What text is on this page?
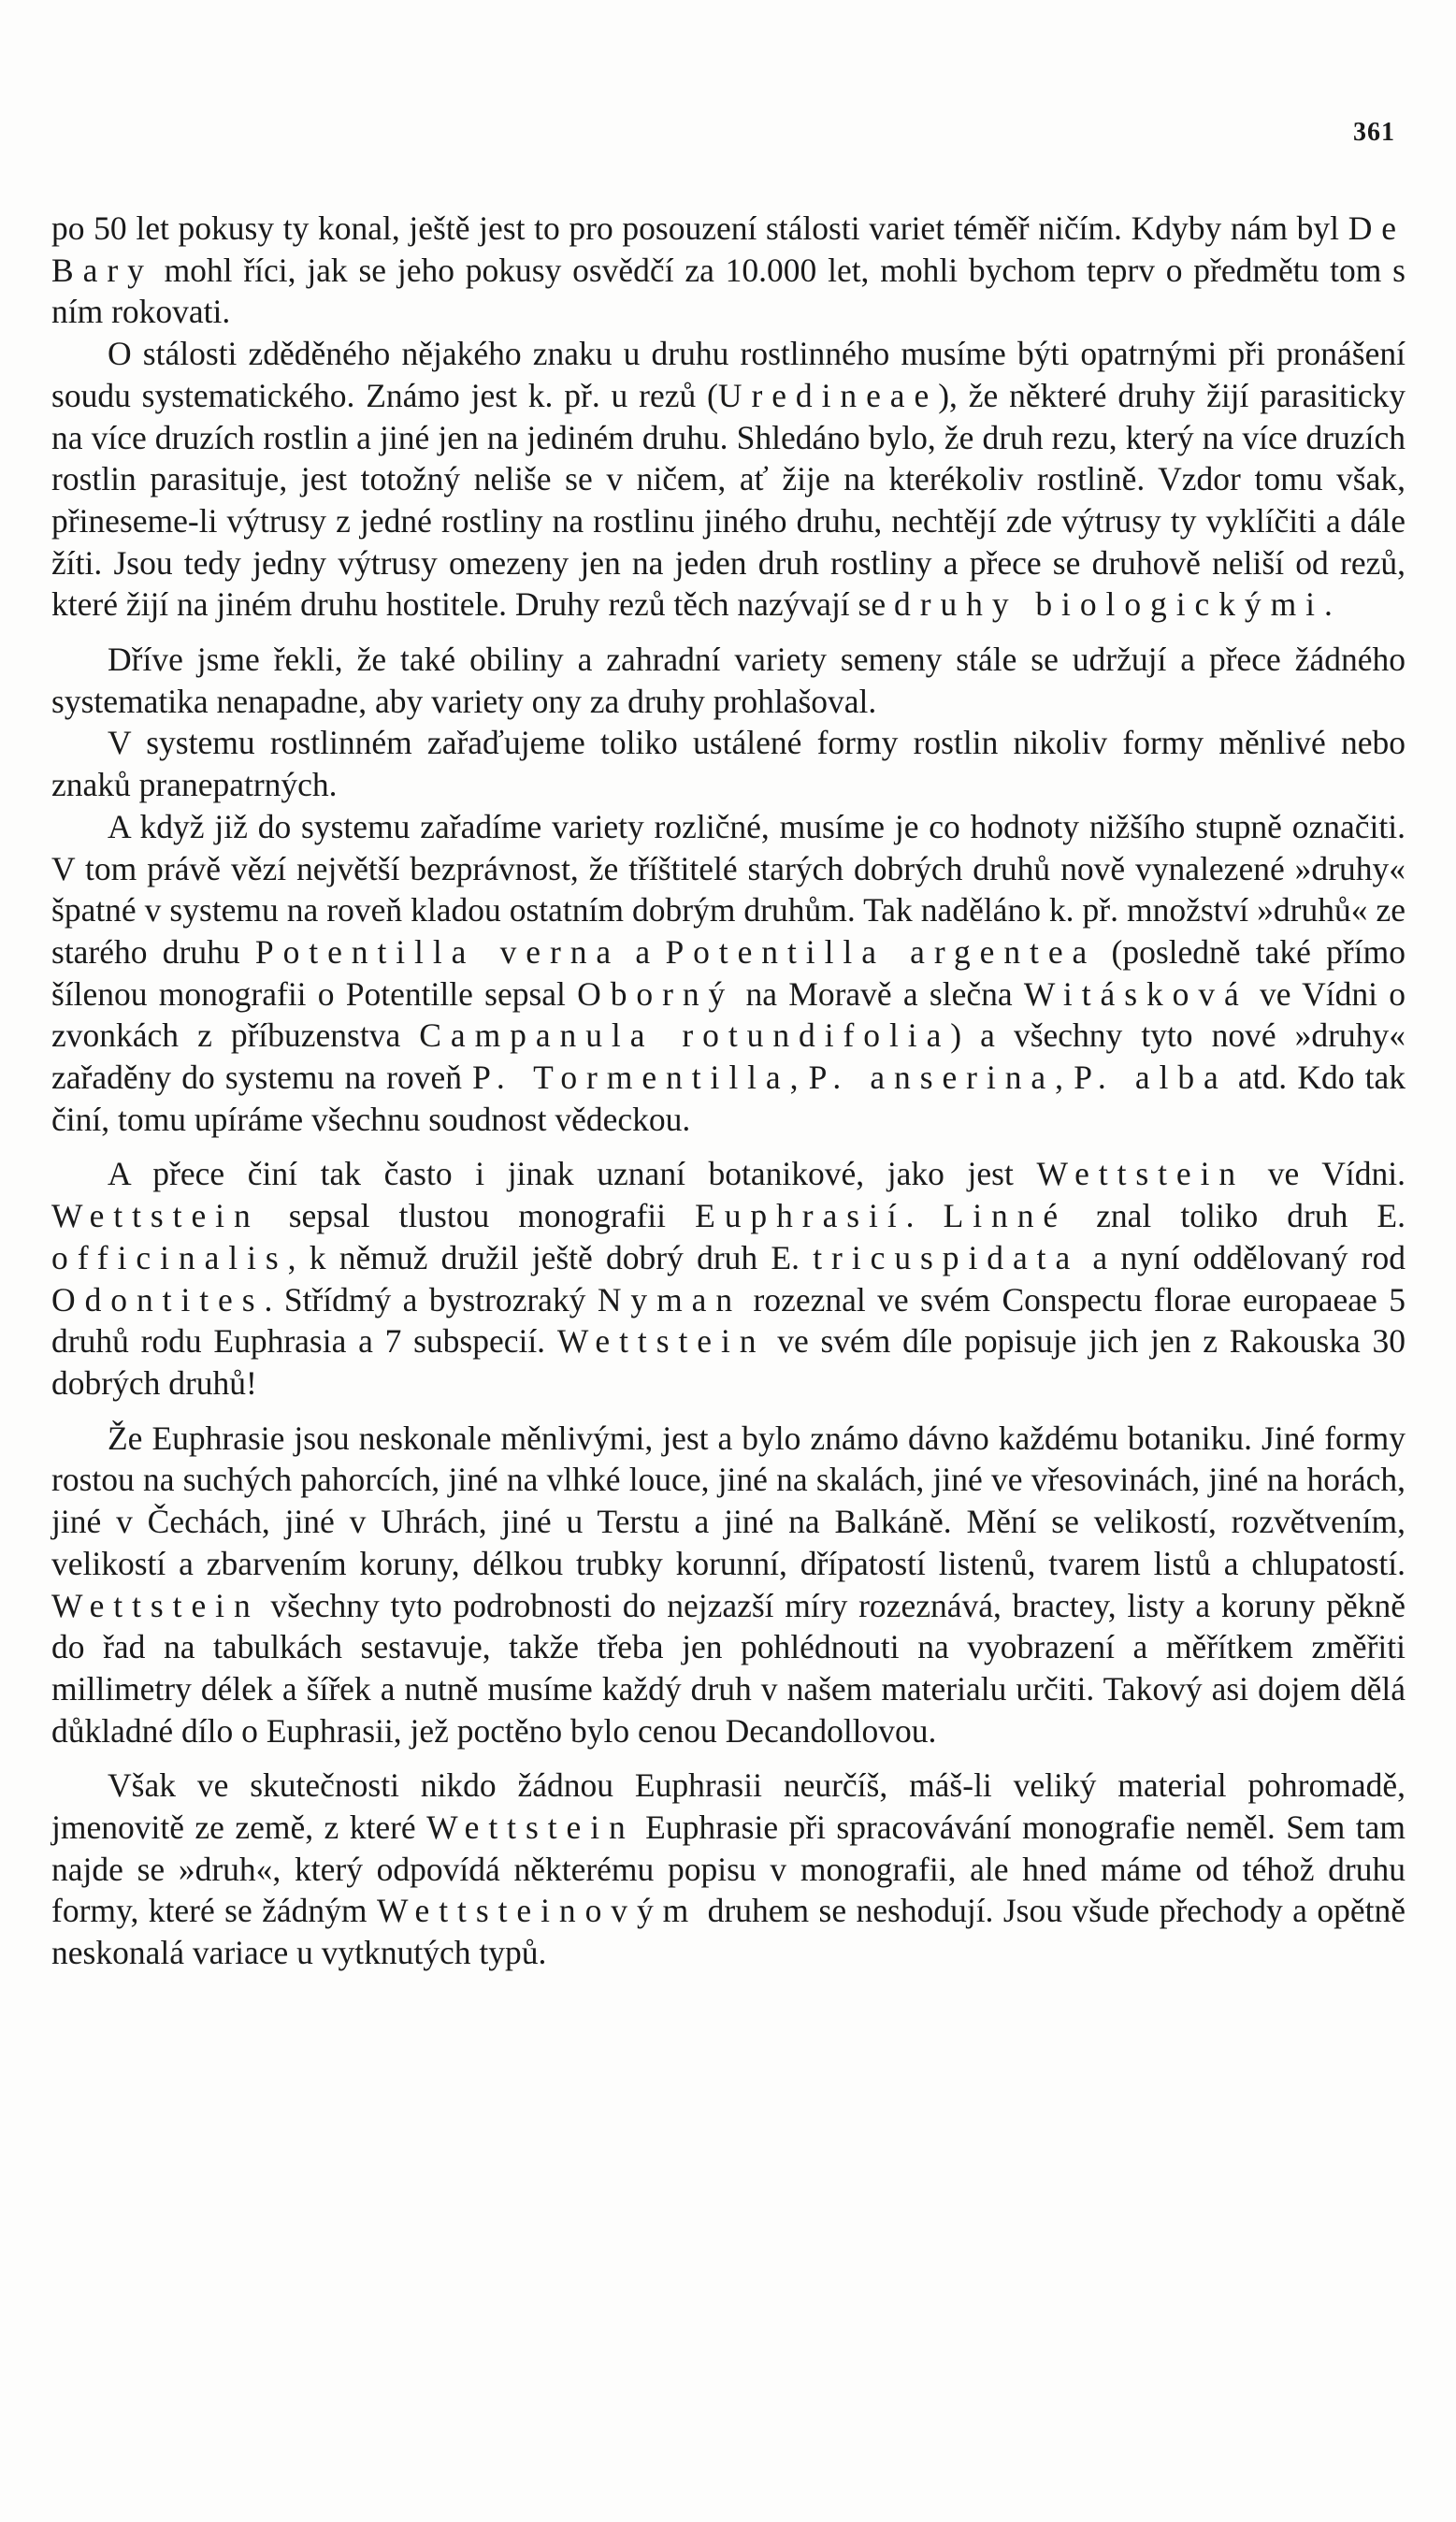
361

po 50 let pokusy ty konal, ještě jest to pro posouzení stálosti variet téměř ničím. Kdyby nám byl De Bary mohl říci, jak se jeho pokusy osvědčí za 10.000 let, mohli bychom teprv o předmětu tom s ním rokovati.

O stálosti zděděného nějakého znaku u druhu rostlinného musíme býti opatrnými při pronášení soudu systematického. Známo jest k. př. u rezů (Uredineae), že některé druhy žijí parasiticky na více druzích rostlin a jiné jen na jediném druhu. Shledáno bylo, že druh rezu, který na více druzích rostlin parasituje, jest totožný neliše se v ničem, ať žije na kterékoliv rostlině. Vzdor tomu však, přineseme-li výtrusy z jedné rostliny na rostlinu jiného druhu, nechtějí zde výtrusy ty vyklíčiti a dále žíti. Jsou tedy jedny výtrusy omezeny jen na jeden druh rostliny a přece se druhově neliší od rezů, které žijí na jiném druhu hostitele. Druhy rezů těch nazývají se druhy biologickými.

Dříve jsme řekli, že také obiliny a zahradní variety semeny stále se udržují a přece žádného systematika nenapadne, aby variety ony za druhy prohlašoval.

V systemu rostlinném zařaďujeme toliko ustálené formy rostlin nikoliv formy měnlivé nebo znaků pranepatrných.

A když již do systemu zařadíme variety rozličné, musíme je co hodnoty nižšího stupně označiti. V tom právě vězí největší bezprávnost, že tříštitelé starých dobrých druhů nově vynalezené »druhy« špatné v systemu na roveň kladou ostatním dobrým druhům. Tak naděláno k. př. množství »druhů« ze starého druhu Potentilla verna a Potentilla argentea (posledně také přímo šílenou monografii o Potentille sepsal Oborný na Moravě a slečna Witásková ve Vídni o zvonkách z příbuzenstva Campanula rotundifolia) a všechny tyto nové »druhy« zařaděny do systemu na roveň P. Tormentilla, P. anserina, P. alba atd. Kdo tak činí, tomu upíráme všechnu soudnost vědeckou.

A přece činí tak často i jinak uznaní botanikové, jako jest Wettstein ve Vídni. Wettstein sepsal tlustou monografii Euphrasií. Linné znal toliko druh E. officinalis, k němuž družil ještě dobrý druh E. tricuspidata a nyní oddělovaný rod Odontites. Střídmý a bystrozraký Nyman rozeznal ve svém Conspectu florae europaeae 5 druhů rodu Euphrasia a 7 subspecií. Wettstein ve svém díle popisuje jich jen z Rakouska 30 dobrých druhů!

Že Euphrasie jsou neskonale měnlivými, jest a bylo známo dávno každému botaniku. Jiné formy rostou na suchých pahorcích, jiné na vlhké louce, jiné na skalách, jiné ve vřesovinách, jiné na horách, jiné v Čechách, jiné v Uhrách, jiné u Terstu a jiné na Balkáně. Mění se velikostí, rozvětvením, velikostí a zbarvením koruny, délkou trubky korunní, dřípatostí listenů, tvarem listů a chlupatostí. Wettstein všechny tyto podrobnosti do nejzazší míry rozeznává, bractey, listy a koruny pěkně do řad na tabulkách sestavuje, takže třeba jen pohlédnouti na vyobrazení a měřítkem změřiti millimetry délek a šířek a nutně musíme každý druh v našem materialu určiti. Takový asi dojem dělá důkladné dílo o Euphrasii, jež poctěno bylo cenou Decandollovou.

Však ve skutečnosti nikdo žádnou Euphrasii neurčíš, máš-li veliký material pohromadě, jmenovitě ze země, z které Wettstein Euphrasie při spracovávání monografie neměl. Sem tam najde se »druh«, který odpovídá některému popisu v monografii, ale hned máme od téhož druhu formy, které se žádným Wettsteinovým druhem se neshodují. Jsou všude přechody a opětně neskonalá variace u vytknutých typů.
